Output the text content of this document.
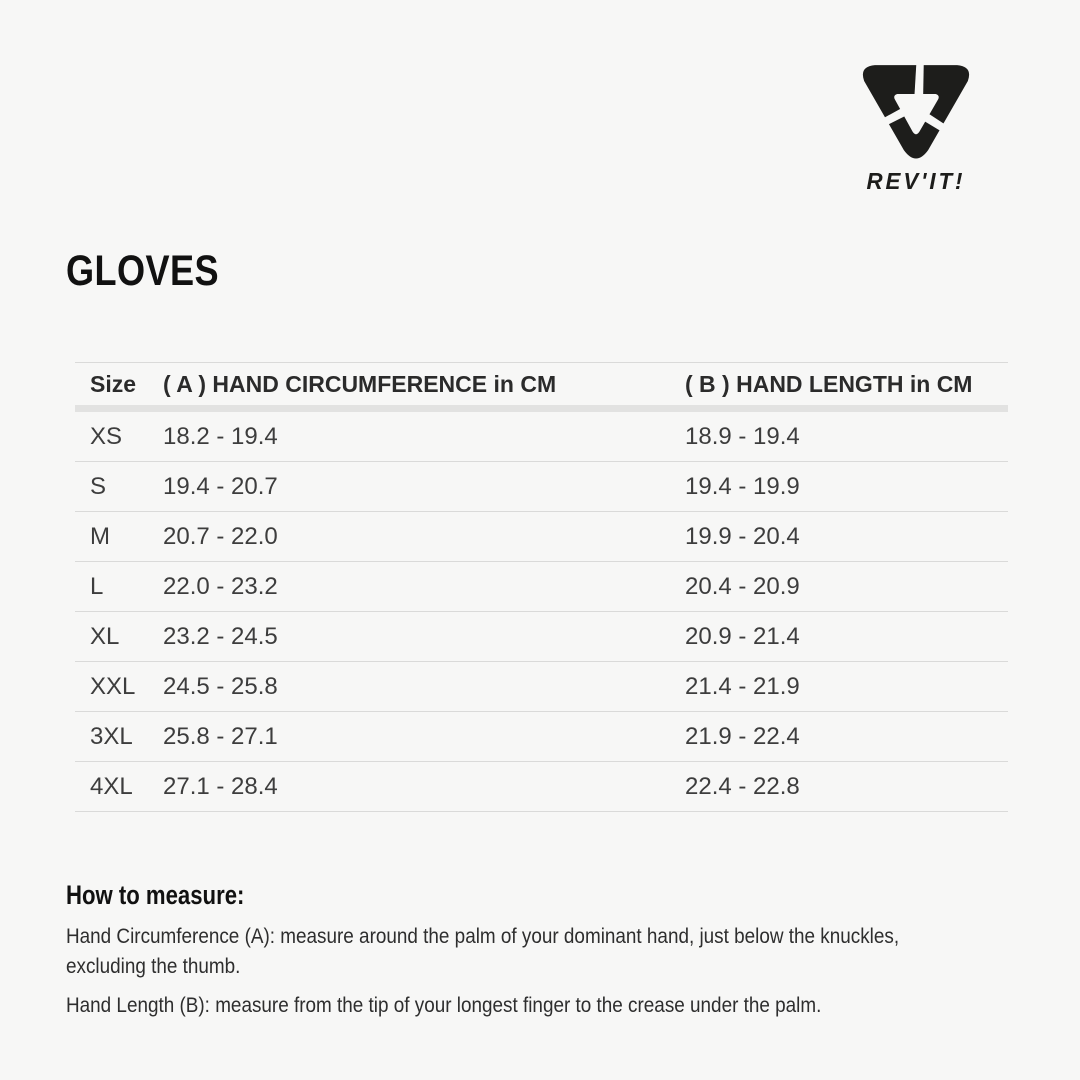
REV'IT!
GLOVES
Size	( A ) HAND CIRCUMFERENCE in CM	( B ) HAND LENGTH in CM
XS	18.2 - 19.4	18.9 - 19.4
S	19.4 - 20.7	19.4 - 19.9
M	20.7 - 22.0	19.9 - 20.4
L	22.0 - 23.2	20.4 - 20.9
XL	23.2 - 24.5	20.9 - 21.4
XXL	24.5 - 25.8	21.4 - 21.9
3XL	25.8 - 27.1	21.9 - 22.4
4XL	27.1 - 28.4	22.4 - 22.8
How to measure:

Hand Circumference (A): measure around the palm of your dominant hand, just below the knuckles,
excluding the thumb.

Hand Length (B): measure from the tip of your longest finger to the crease under the palm.
